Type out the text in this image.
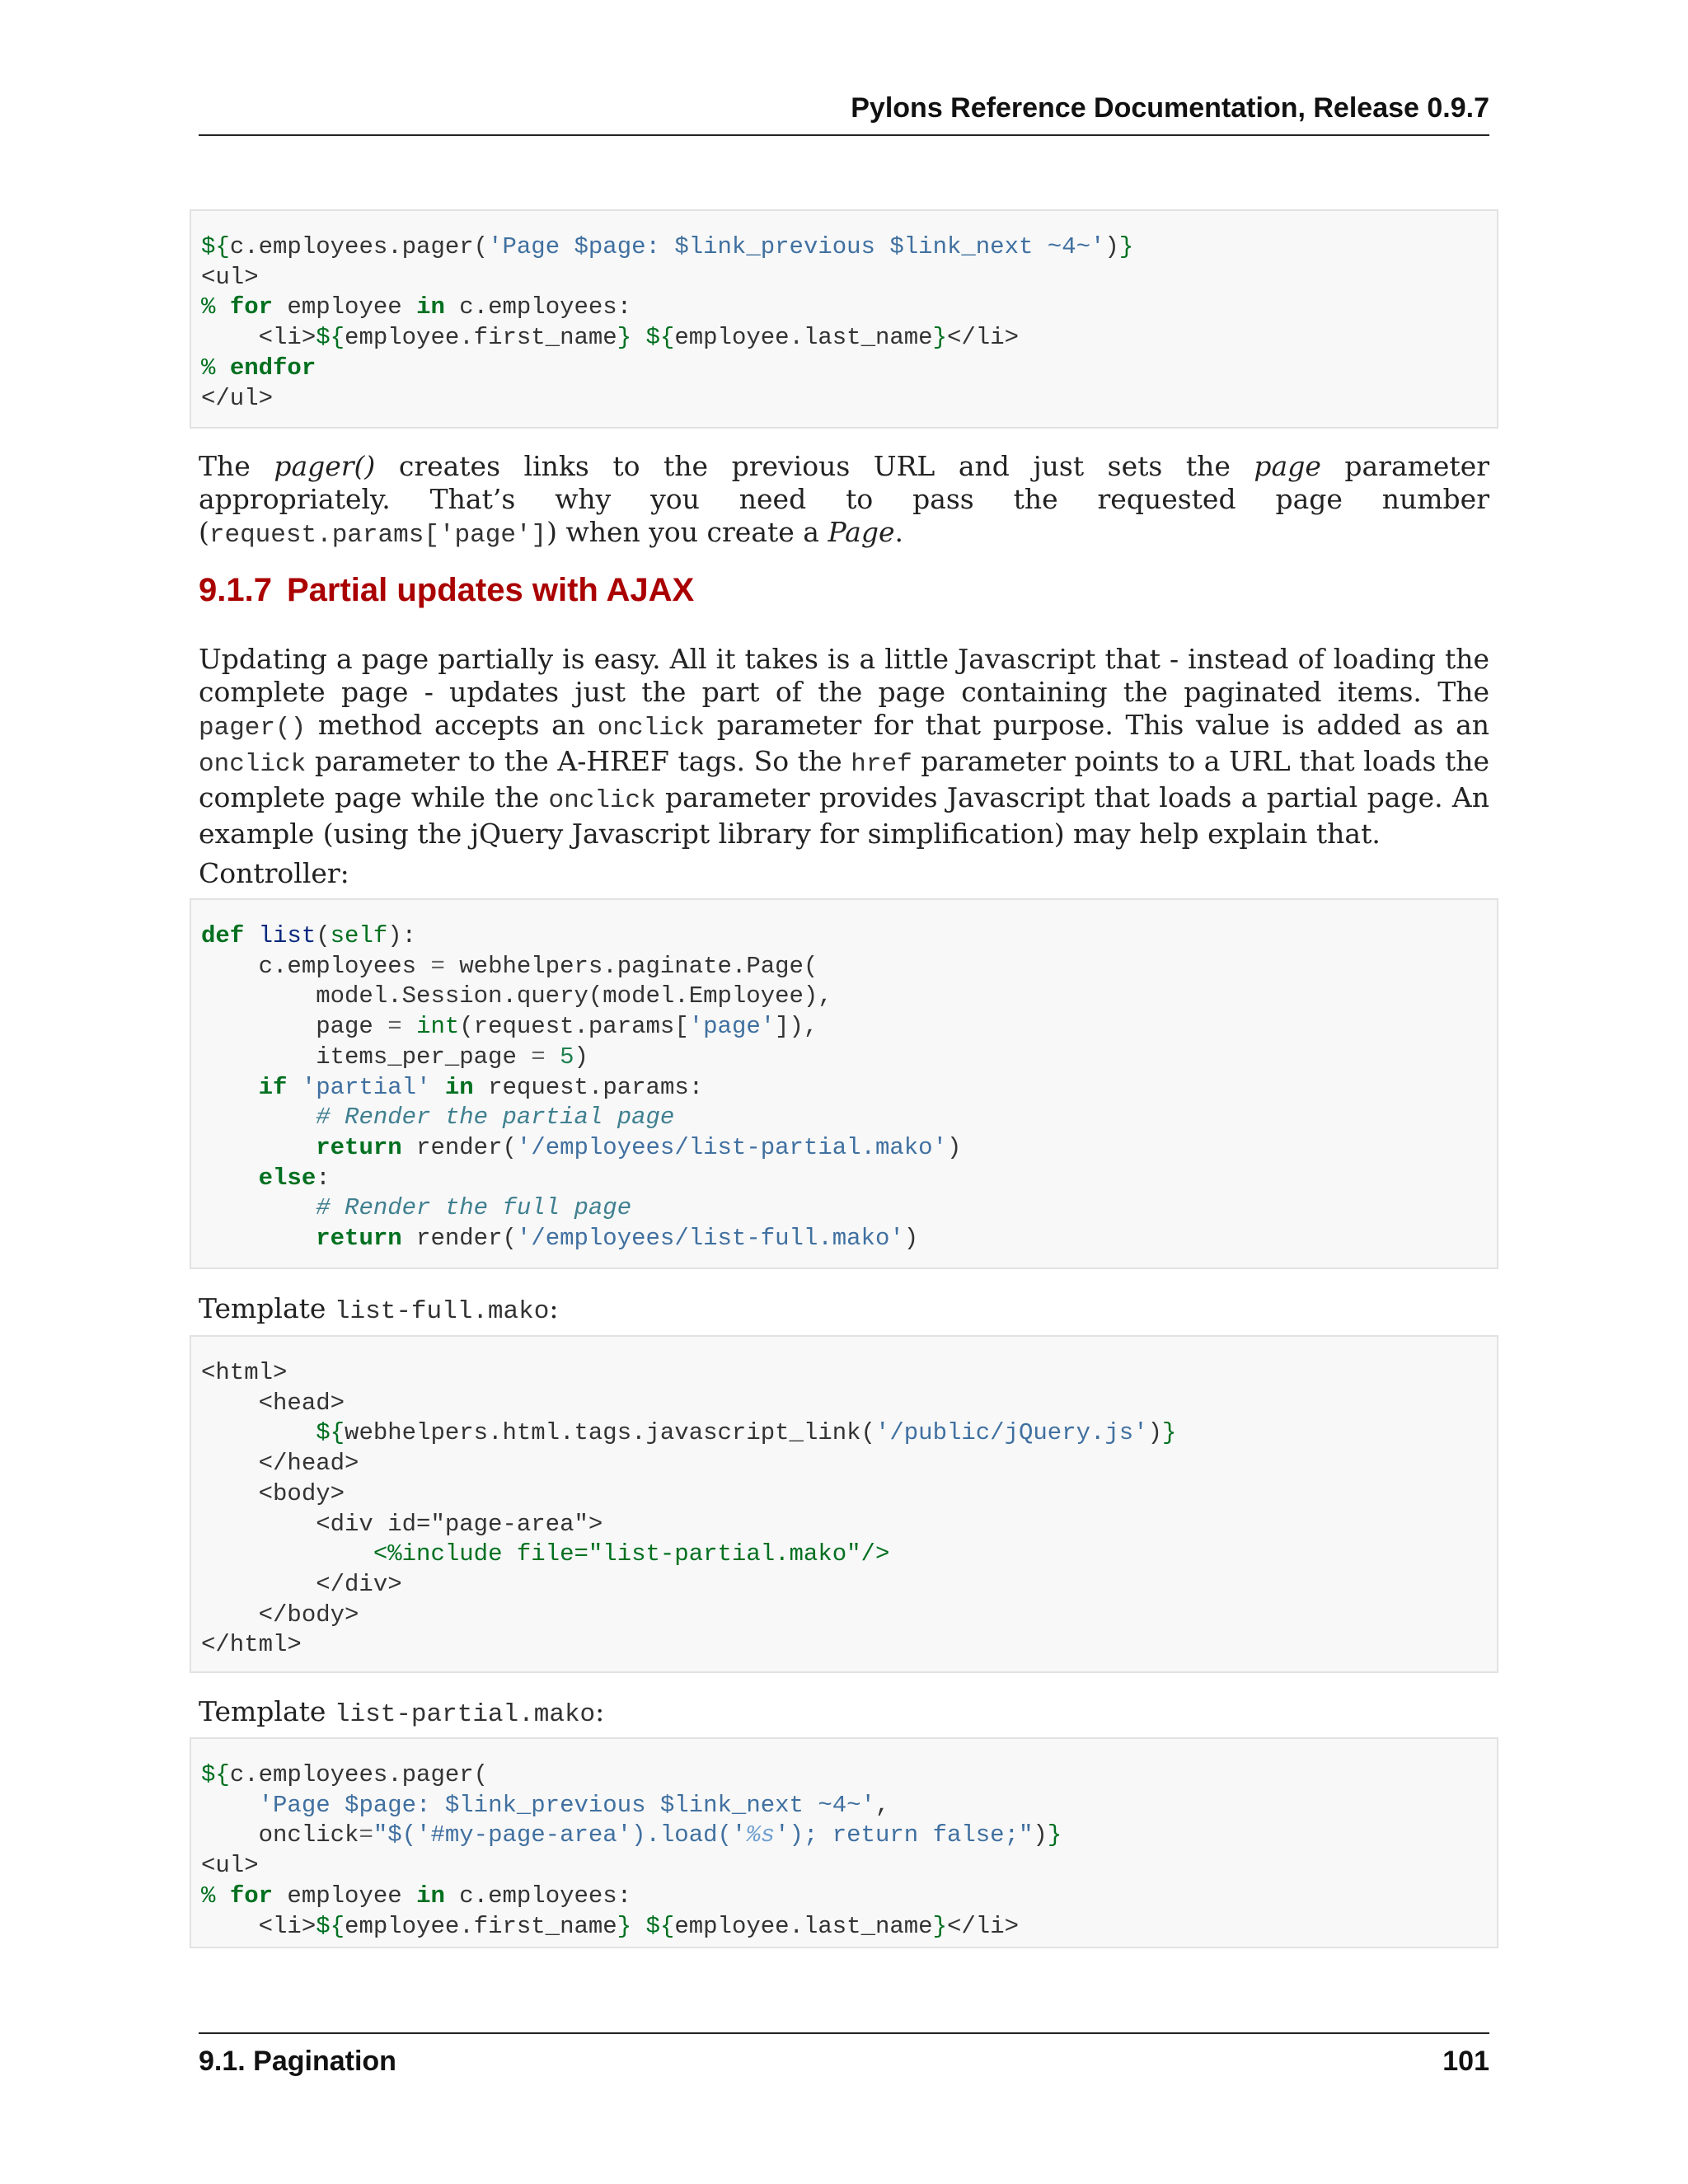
Pylons Reference Documentation, Release 0.9.7
${c.employees.pager('Page $page: $link_previous $link_next ~4~')}
<ul>
% for employee in c.employees:
<li>${employee.first_name} ${employee.last_name}</li>
% endfor
</ul>
The pager() creates links to the previous URL and just sets the page parameter appropriately. That’s why you need to pass the requested page number (request.params['page']) when you create a Page.
9.1.7 Partial updates with AJAX
Updating a page partially is easy. All it takes is a little Javascript that - instead of loading the complete page - updates just the part of the page containing the paginated items. The pager() method accepts an onclick parameter for that purpose. This value is added as an onclick parameter to the A-HREF tags. So the href parameter points to a URL that loads the complete page while the onclick parameter provides Javascript that loads a partial page. An example (using the jQuery Javascript library for simplification) may help explain that.
Controller:
def list(self):
c.employees = webhelpers.paginate.Page(
model.Session.query(model.Employee),
page = int(request.params['page']),
items_per_page = 5)
if 'partial' in request.params:
# Render the partial page
return render('/employees/list-partial.mako')
else:
# Render the full page
return render('/employees/list-full.mako')
Template list-full.mako:
<html>
<head>
${webhelpers.html.tags.javascript_link('/public/jQuery.js')}
</head>
<body>
<div id="page-area">
<%include file="list-partial.mako"/>
</div>
</body>
</html>
Template list-partial.mako:
${c.employees.pager(
'Page $page: $link_previous $link_next ~4~',
onclick="$('#my-page-area').load('%s'); return false;")}
<ul>
% for employee in c.employees:
<li>${employee.first_name} ${employee.last_name}</li>
9.1. Pagination	101
